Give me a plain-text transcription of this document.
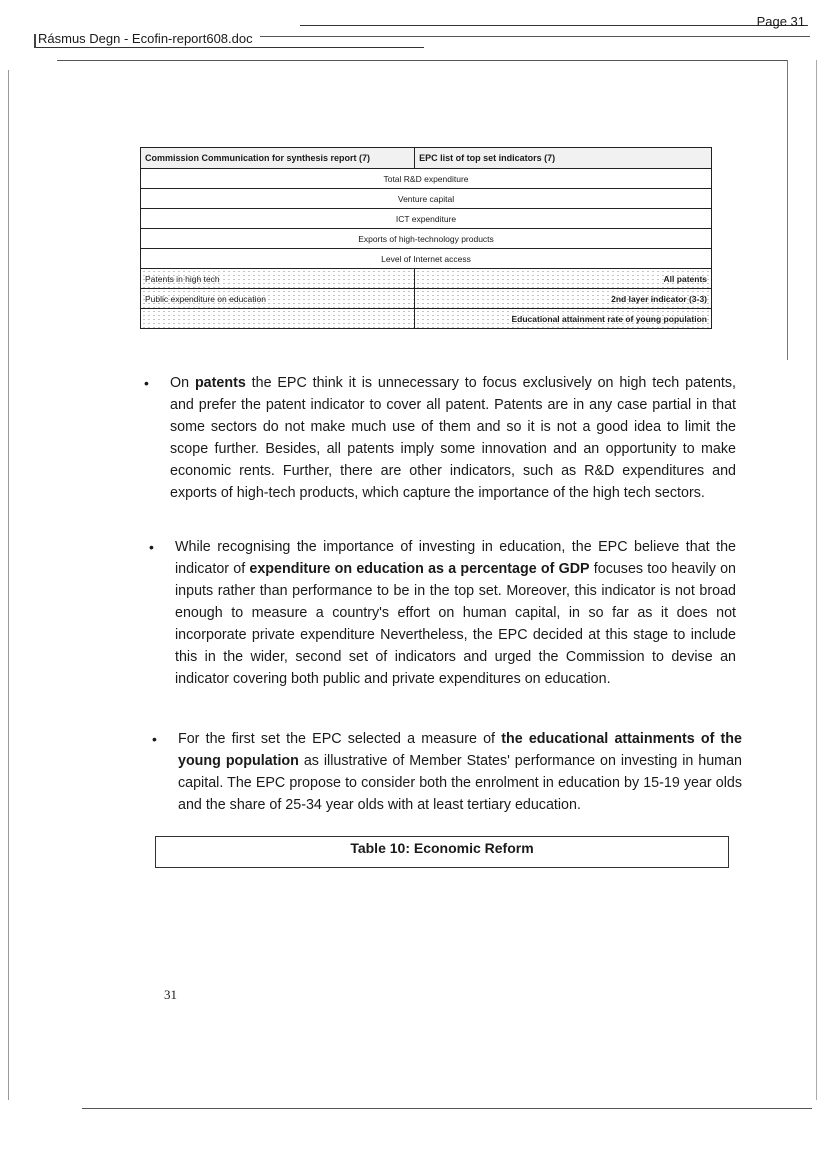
Page 31
Rásmus Degn - Ecofin-report608.doc
Commission Communication for synthesis report (7)	EPC list of top set indicators (7)
Total R&D expenditure	
Venture capital	
ICT expenditure	
Exports of high-technology products	
Level of Internet access	
Patents in high tech	All patents
Public expenditure on education	2nd layer indicator (3-3)
	Educational attainment rate of young population
• On patents the EPC think it is unnecessary to focus exclusively on high tech patents, and prefer the patent indicator to cover all patent. Patents are in any case partial in that some sectors do not make much use of them and so it is not a good idea to limit the scope further. Besides, all patents imply some innovation and an opportunity to make economic rents. Further, there are other indicators, such as R&D expenditures and exports of high-tech products, which capture the importance of the high tech sectors.

• While recognising the importance of investing in education, the EPC believe that the indicator of expenditure on education as a percentage of GDP focuses too heavily on inputs rather than performance to be in the top set. Moreover, this indicator is not broad enough to measure a country's effort on human capital, in so far as it does not incorporate private expenditure Nevertheless, the EPC decided at this stage to include this in the wider, second set of indicators and urged the Commission to devise an indicator covering both public and private expenditures on education.

• For the first set the EPC selected a measure of the educational attainments of the young population as illustrative of Member States' performance on investing in human capital. The EPC propose to consider both the enrolment in education by 15-19 year olds and the share of 25-34 year olds with at least tertiary education.

Table 10: Economic Reform
31
